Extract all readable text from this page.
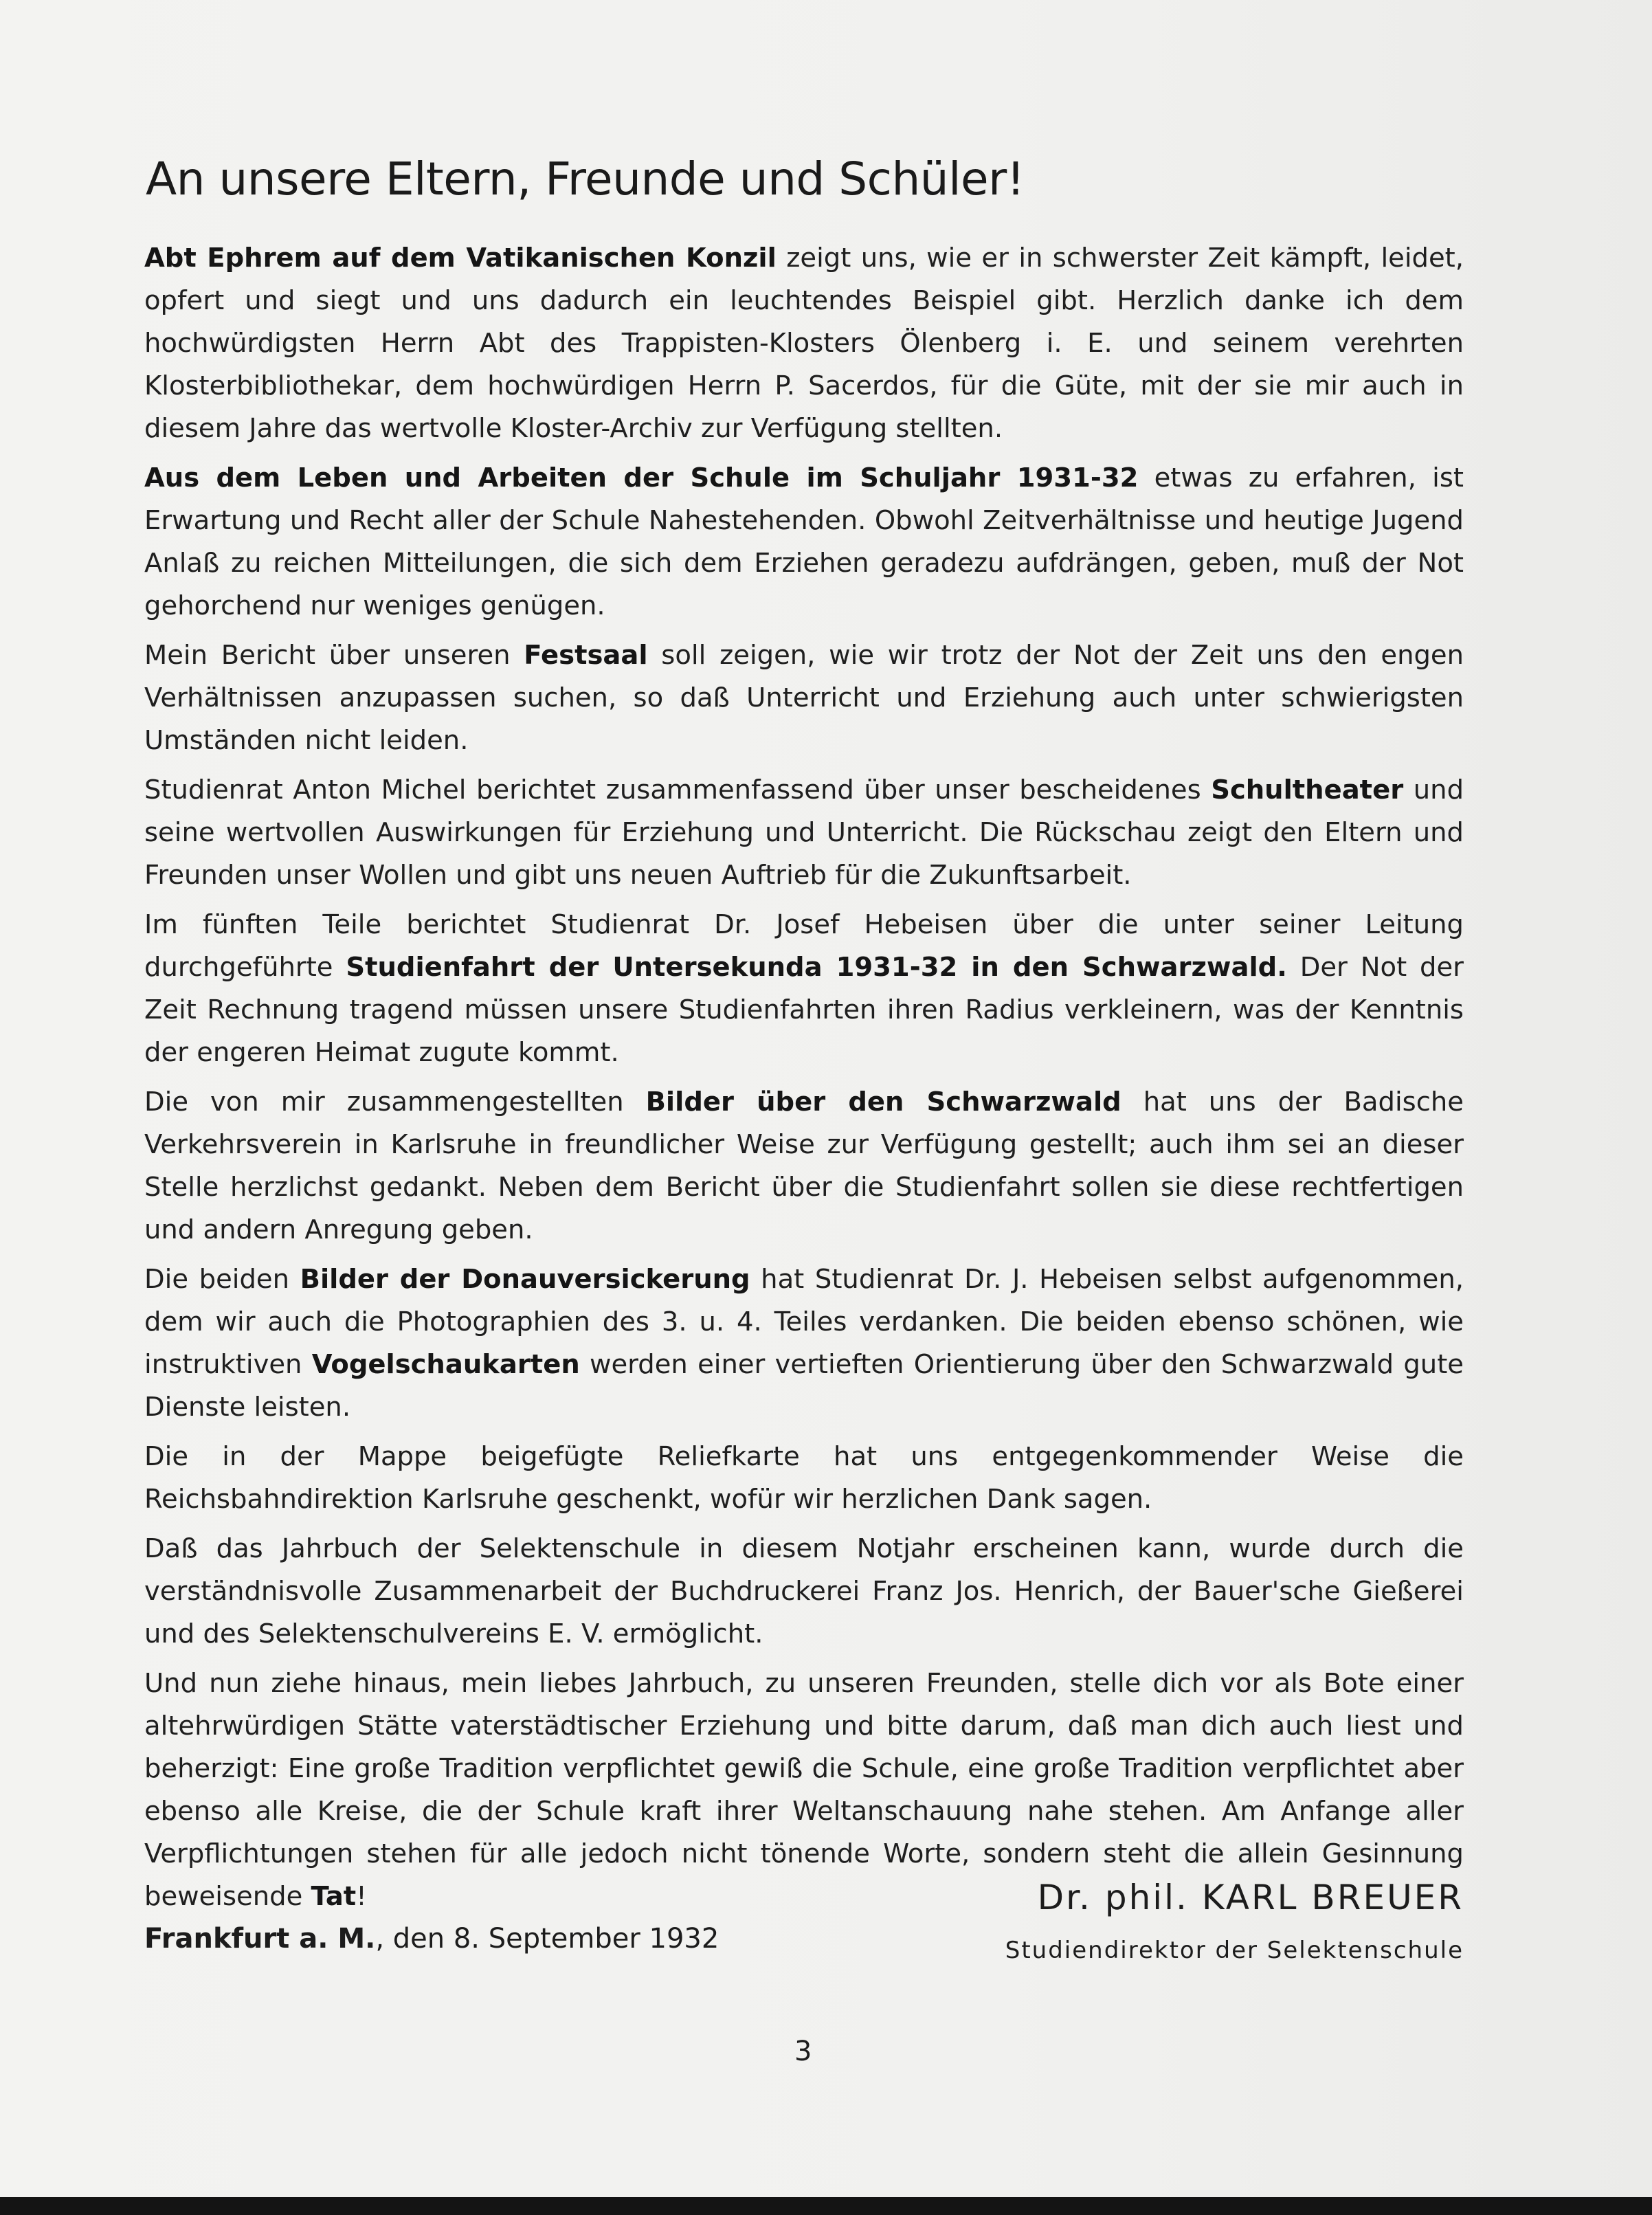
An unsere Eltern, Freunde und Schüler!

Abt Ephrem auf dem Vatikanischen Konzil zeigt uns, wie er in schwerster Zeit kämpft, leidet, opfert und siegt und uns dadurch ein leuchtendes Beispiel gibt. Herzlich danke ich dem hochwürdigsten Herrn Abt des Trappisten-Klosters Ölenberg i. E. und seinem verehrten Klosterbibliothekar, dem hochwürdigen Herrn P. Sacerdos, für die Güte, mit der sie mir auch in diesem Jahre das wertvolle Kloster-Archiv zur Verfügung stellten.

Aus dem Leben und Arbeiten der Schule im Schuljahr 1931-32 etwas zu erfahren, ist Erwartung und Recht aller der Schule Nahestehenden. Obwohl Zeitverhältnisse und heutige Jugend Anlaß zu reichen Mitteilungen, die sich dem Erziehen geradezu aufdrängen, geben, muß der Not gehorchend nur weniges genügen.

Mein Bericht über unseren Festsaal soll zeigen, wie wir trotz der Not der Zeit uns den engen Verhältnissen anzupassen suchen, so daß Unterricht und Erziehung auch unter schwierigsten Umständen nicht leiden.

Studienrat Anton Michel berichtet zusammenfassend über unser bescheidenes Schultheater und seine wertvollen Auswirkungen für Erziehung und Unterricht. Die Rückschau zeigt den Eltern und Freunden unser Wollen und gibt uns neuen Auftrieb für die Zukunftsarbeit.

Im fünften Teile berichtet Studienrat Dr. Josef Hebeisen über die unter seiner Leitung durchgeführte Studienfahrt der Untersekunda 1931-32 in den Schwarzwald. Der Not der Zeit Rechnung tragend müssen unsere Studienfahrten ihren Radius verkleinern, was der Kenntnis der engeren Heimat zugute kommt.

Die von mir zusammengestellten Bilder über den Schwarzwald hat uns der Badische Verkehrsverein in Karlsruhe in freundlicher Weise zur Verfügung gestellt; auch ihm sei an dieser Stelle herzlichst gedankt. Neben dem Bericht über die Studienfahrt sollen sie diese rechtfertigen und andern Anregung geben.

Die beiden Bilder der Donauversickerung hat Studienrat Dr. J. Hebeisen selbst aufgenommen, dem wir auch die Photographien des 3. u. 4. Teiles verdanken. Die beiden ebenso schönen, wie instruktiven Vogelschaukarten werden einer vertieften Orientierung über den Schwarzwald gute Dienste leisten.

Die in der Mappe beigefügte Reliefkarte hat uns entgegenkommender Weise die Reichsbahndirektion Karlsruhe geschenkt, wofür wir herzlichen Dank sagen.

Daß das Jahrbuch der Selektenschule in diesem Notjahr erscheinen kann, wurde durch die verständnisvolle Zusammenarbeit der Buchdruckerei Franz Jos. Henrich, der Bauer'sche Gießerei und des Selektenschulvereins E. V. ermöglicht.

Und nun ziehe hinaus, mein liebes Jahrbuch, zu unseren Freunden, stelle dich vor als Bote einer altehrwürdigen Stätte vaterstädtischer Erziehung und bitte darum, daß man dich auch liest und beherzigt: Eine große Tradition verpflichtet gewiß die Schule, eine große Tradition verpflichtet aber ebenso alle Kreise, die der Schule kraft ihrer Weltanschauung nahe stehen. Am Anfange aller Verpflichtungen stehen für alle jedoch nicht tönende Worte, sondern steht die allein Gesinnung beweisende Tat!	Dr. phil. KARL BREUER
Studiendirektor der Selektenschule
Frankfurt a. M., den 8. September 1932
3
